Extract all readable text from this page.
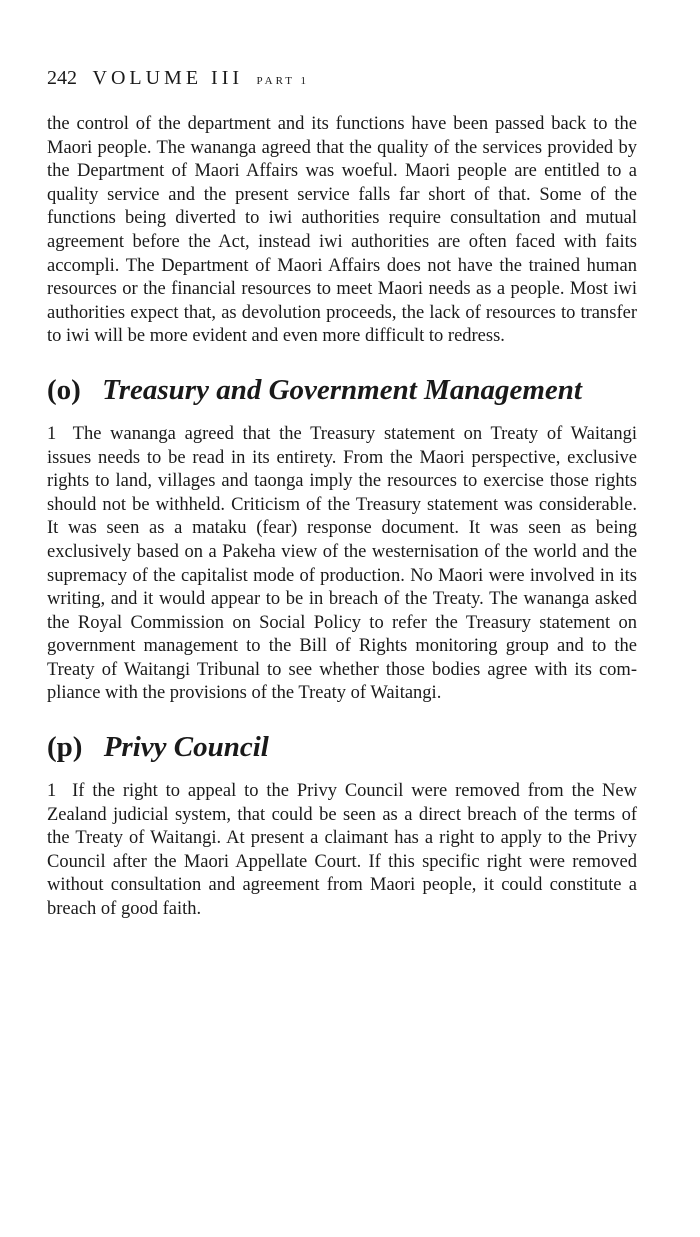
242 VOLUME III PART 1

the control of the department and its functions have been passed back to the Maori people. The wananga agreed that the quality of the services provided by the Department of Maori Affairs was woeful. Maori people are entitled to a quality service and the present service falls far short of that. Some of the functions being diverted to iwi authorities require consultation and mutual agreement before the Act, instead iwi authorities are often faced with faits accompli. The Department of Maori Affairs does not have the trained human resources or the financial resources to meet Maori needs as a people. Most iwi authorities expect that, as devolution proceeds, the lack of resources to transfer to iwi will be more evident and even more difficult to redress.

(o) Treasury and Government Management

1 The wananga agreed that the Treasury statement on Treaty of Waitangi issues needs to be read in its entirety. From the Maori perspective, exclusive rights to land, villages and taonga imply the resources to exercise those rights should not be withheld. Criticism of the Treasury statement was considerable. It was seen as a mataku (fear) response document. It was seen as being exclusively based on a Pakeha view of the westernisation of the world and the supremacy of the capitalist mode of production. No Maori were involved in its writing, and it would appear to be in breach of the Treaty. The wananga asked the Royal Commission on Social Policy to refer the Treasury statement on government management to the Bill of Rights monitoring group and to the Treaty of Waitangi Tribunal to see whether those bodies agree with its compliance with the provisions of the Treaty of Waitangi.

(p) Privy Council

1 If the right to appeal to the Privy Council were removed from the New Zealand judicial system, that could be seen as a direct breach of the terms of the Treaty of Waitangi. At present a claimant has a right to apply to the Privy Council after the Maori Appellate Court. If this specific right were removed without consultation and agreement from Maori people, it could constitute a breach of good faith.
